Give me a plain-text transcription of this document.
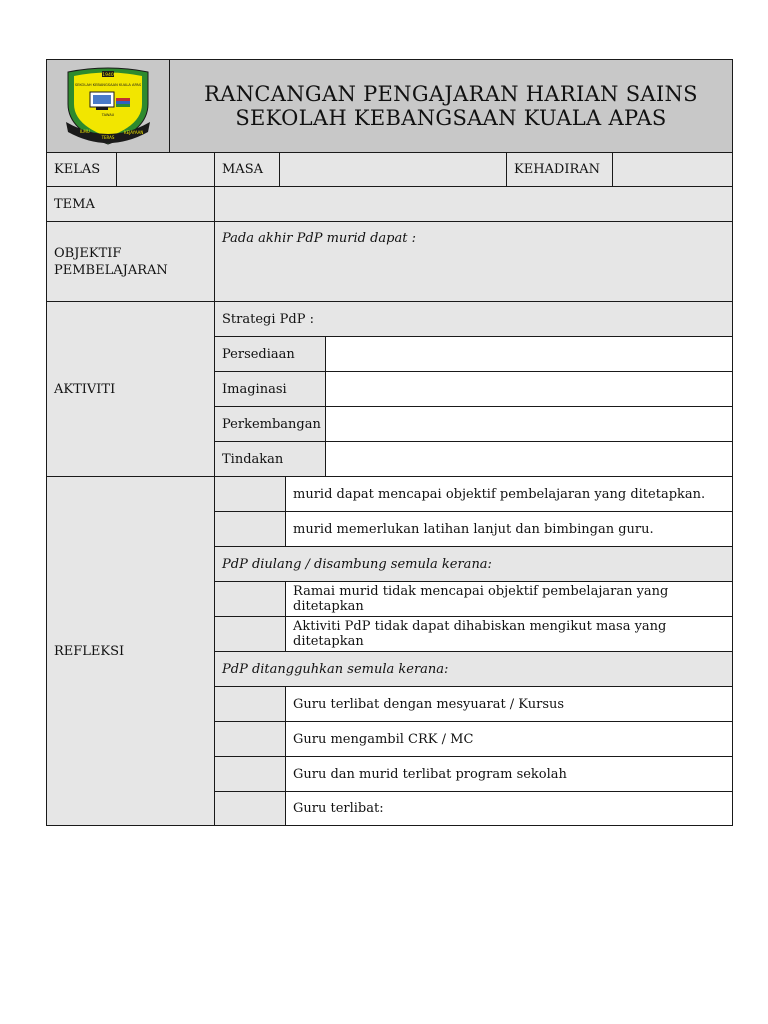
1940
SEKOLAH KEBANGSAAN KUALA APAS
TAWAU
ILMU
TERAS
KEJAYAAN
RANCANGAN PENGAJARAN HARIAN SAINS
SEKOLAH KEBANGSAAN KUALA APAS
KELAS	MASA	KEHADIRAN
TEMA
OBJEKTIF
PEMBELAJARAN
Pada akhir PdP murid dapat :
AKTIVITI
Strategi PdP :
Persediaan
Imaginasi
Perkembangan
Tindakan
REFLEKSI
murid dapat mencapai objektif pembelajaran yang ditetapkan.
murid memerlukan latihan lanjut dan bimbingan guru.
PdP diulang / disambung semula kerana:
Ramai murid tidak mencapai objektif pembelajaran yang ditetapkan
Aktiviti PdP tidak dapat dihabiskan mengikut masa yang ditetapkan
PdP ditangguhkan semula kerana:
Guru terlibat dengan mesyuarat / Kursus
Guru mengambil CRK / MC
Guru dan murid terlibat program sekolah
Guru terlibat:
